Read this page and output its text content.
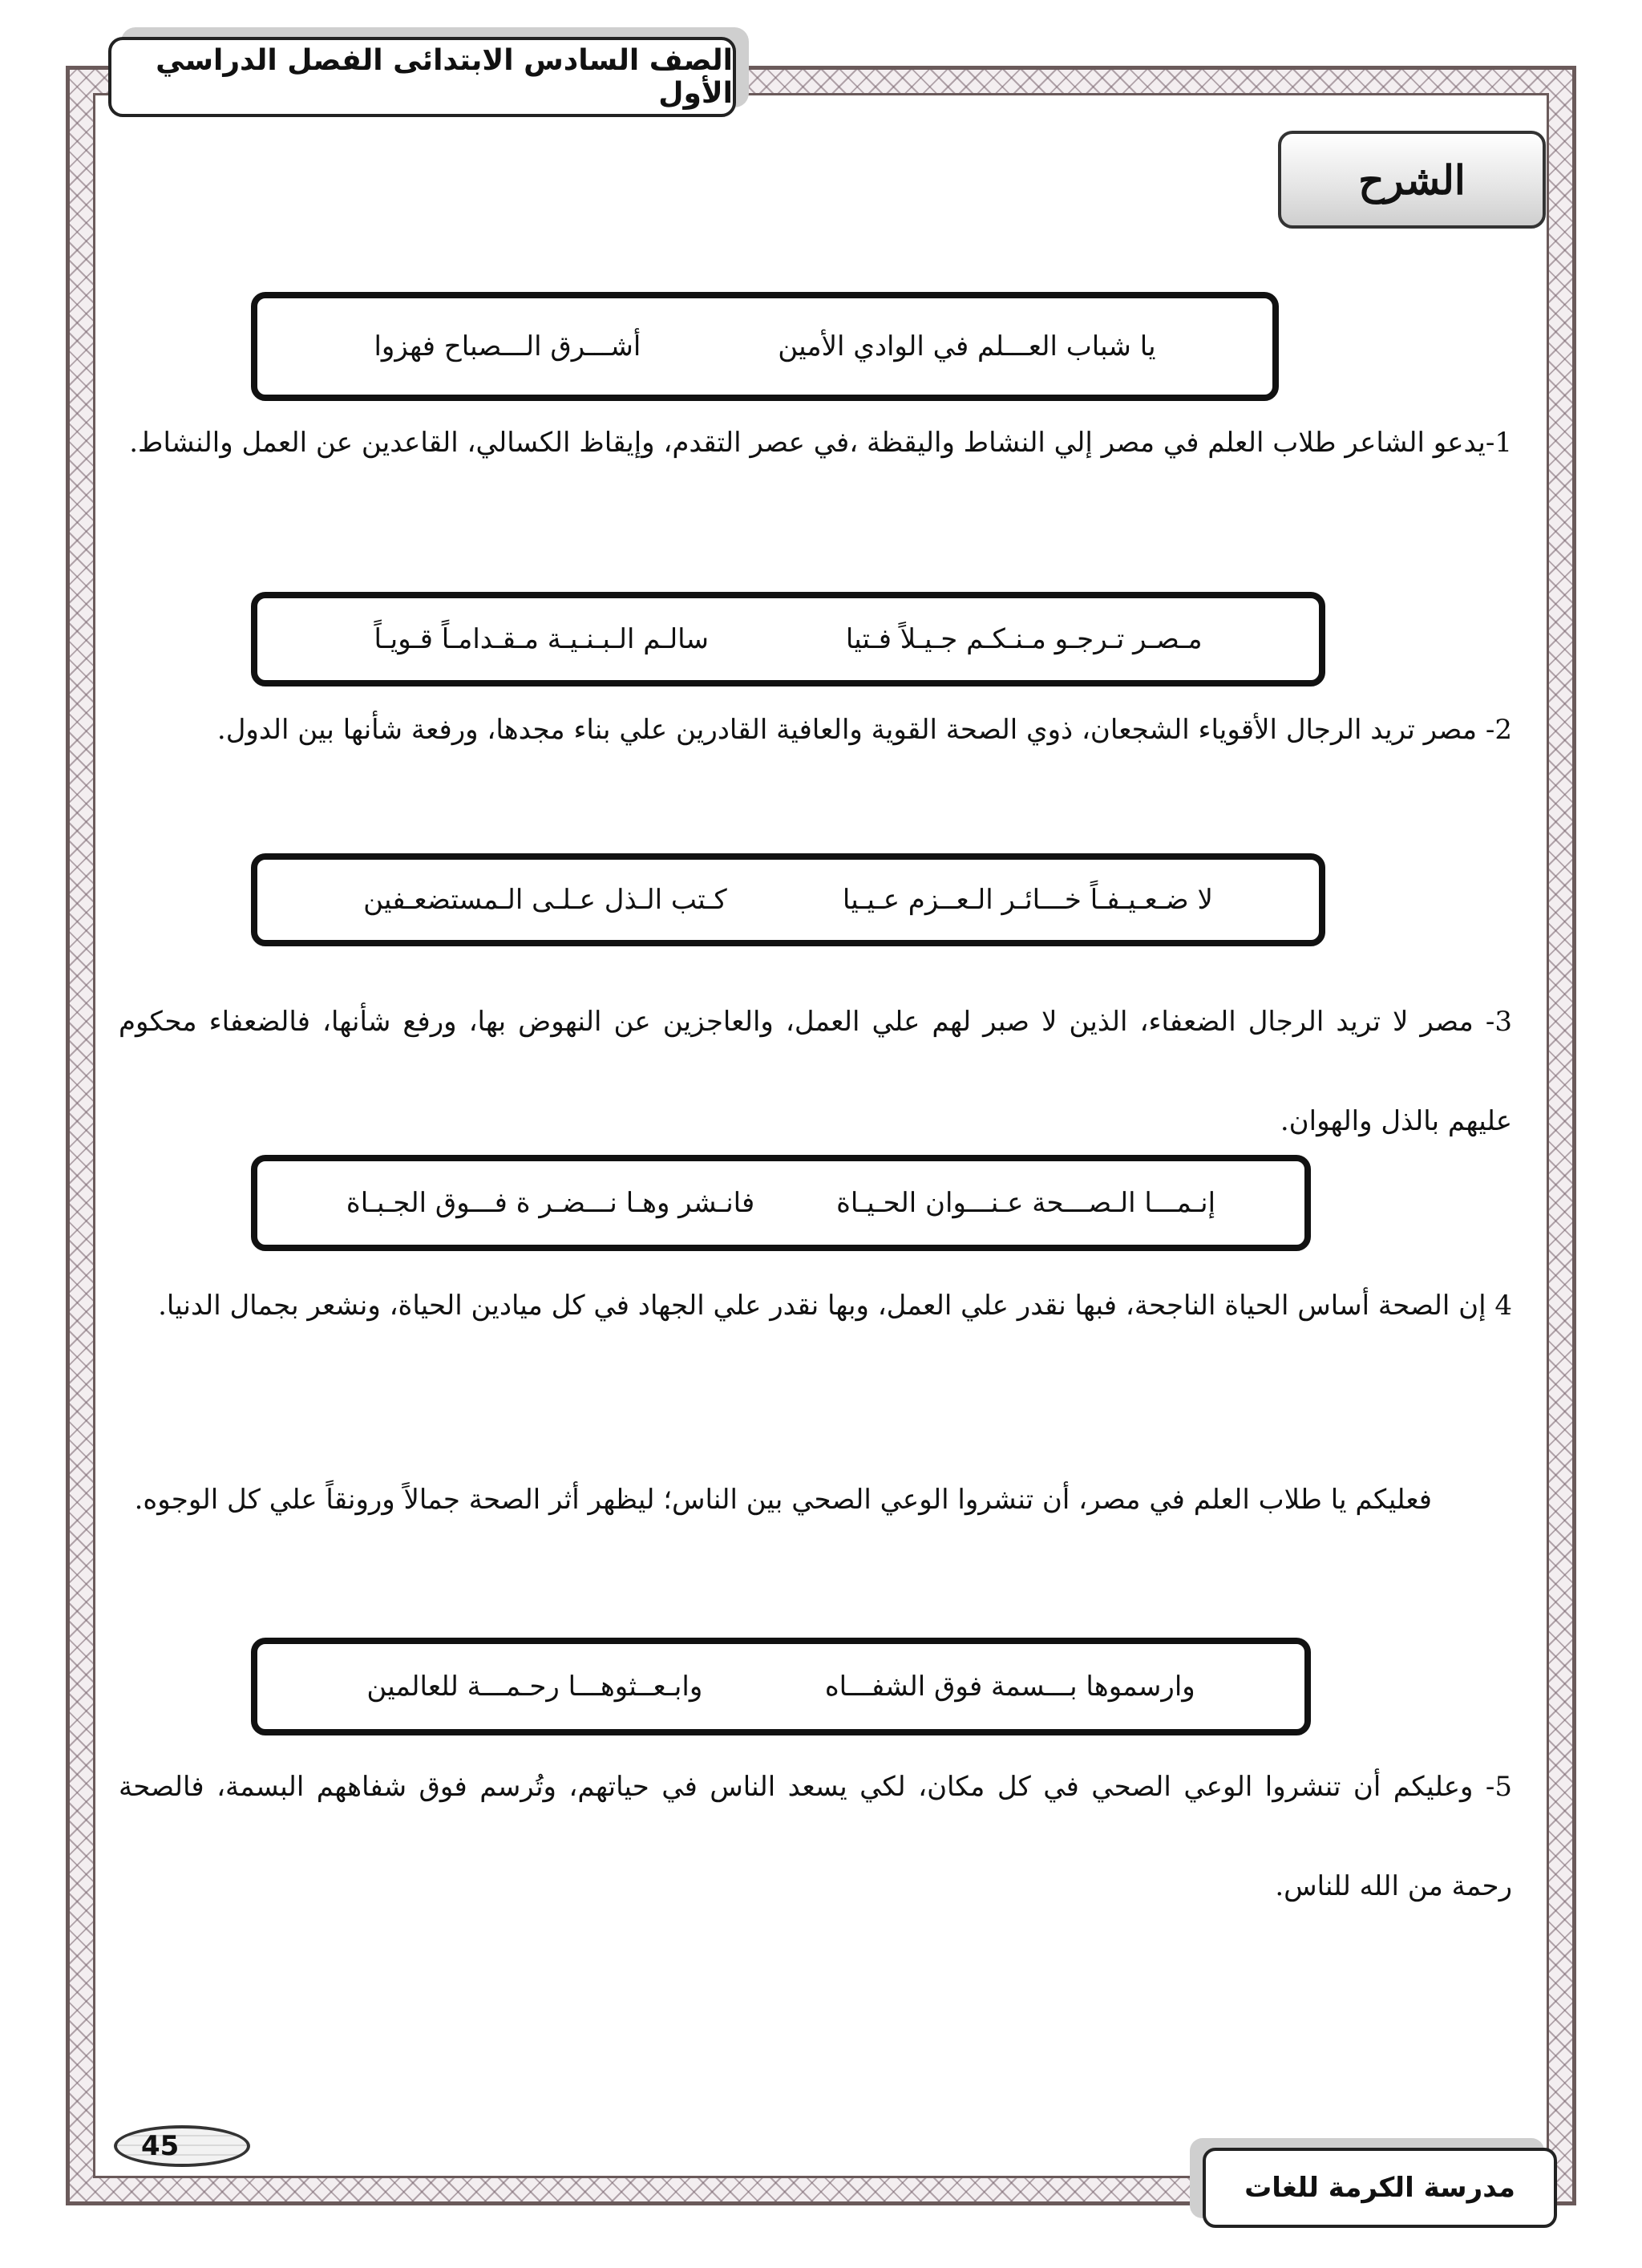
الصف السادس الابتدائى الفصل الدراسي الأول
الشرح
يا شباب العـــلم في الوادي الأمين
أشـــرق الـــصباح فهزوا

1-يدعو الشاعر طلاب العلم في مصر إلي النشاط واليقظة ،في عصر التقدم، وإيقاظ الكسالي، القاعدين عن العمل والنشاط.

مـصـر تـرجـو مـنـكـم جـيـلاً فـتيا
سالـم الـبـنـيـة مـقـدامـاً قـويـاً

2- مصر تريد الرجال الأقوياء الشجعان، ذوي الصحة القوية والعافية القادرين علي بناء مجدها، ورفعة شأنها بين الدول.

لا ضـعـيـفـاً خـــائـر الـعــزم عـيـيا
كـتب الـذل عـلـى الـمستضعـفين

3- مصر لا تريد الرجال الضعفاء، الذين لا صبر لهم علي العمل، والعاجزين عن النهوض بها، ورفع شأنها، فالضعفاء محكوم عليهم بالذل والهوان.

إنـمـــا الـصـــحة عـنـــوان الحـيـاة
فانـشر وهـا نـــضـر ة فـــوق الجـبـاة

4 إن الصحة أساس الحياة الناجحة، فبها نقدر علي العمل، وبها نقدر علي الجهاد في كل ميادين الحياة، ونشعر بجمال الدنيا.

فعليكم يا طلاب العلم في مصر، أن تنشروا الوعي الصحي بين الناس؛ ليظهر أثر الصحة جمالاً ورونقاً علي كل الوجوه.

وارسموها بـــسمة فوق الشفـــاه
وابـعــثوهـــا رحـمـــة للعالمين

5- وعليكم أن تنشروا الوعي الصحي في كل مكان، لكي يسعد الناس في حياتهم، وتُرسم فوق شفاههم البسمة، فالصحة رحمة من الله للناس.

45
مدرسة الكرمة للغات
